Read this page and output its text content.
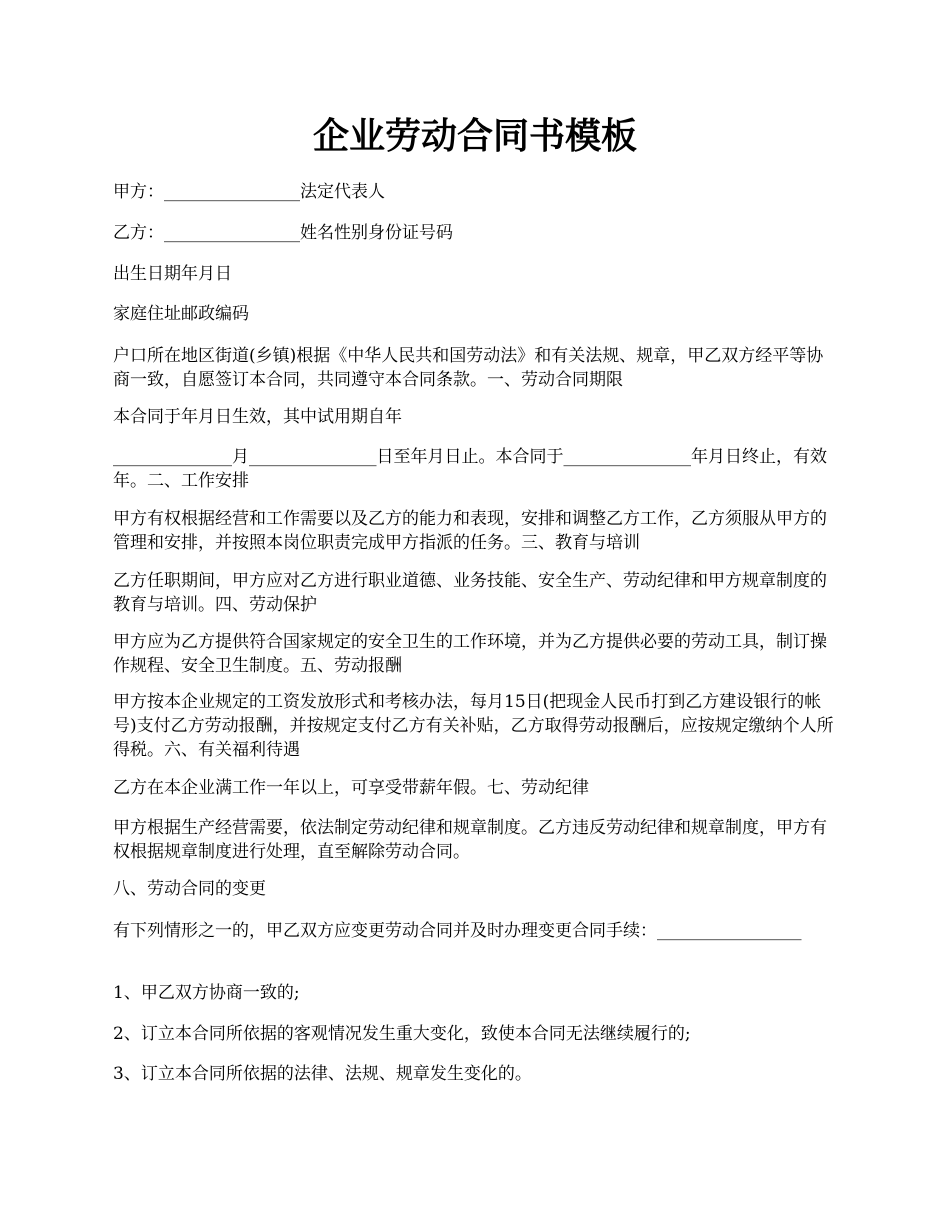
企业劳动合同书模板

甲方：________________法定代表人

乙方：________________姓名性别身份证号码

出生日期年月日

家庭住址邮政编码

户口所在地区街道(乡镇)根据《中华人民共和国劳动法》和有关法规、规章，甲乙双方经平等协商一致，自愿签订本合同，共同遵守本合同条款。一、劳动合同期限

本合同于年月日生效，其中试用期自年

______________月_______________日至年月日止。本合同于_______________年月日终止，有效年。二、工作安排

甲方有权根据经营和工作需要以及乙方的能力和表现，安排和调整乙方工作，乙方须服从甲方的管理和安排，并按照本岗位职责完成甲方指派的任务。三、教育与培训

乙方任职期间，甲方应对乙方进行职业道德、业务技能、安全生产、劳动纪律和甲方规章制度的教育与培训。四、劳动保护

甲方应为乙方提供符合国家规定的安全卫生的工作环境，并为乙方提供必要的劳动工具，制订操作规程、安全卫生制度。五、劳动报酬

甲方按本企业规定的工资发放形式和考核办法，每月15日(把现金人民币打到乙方建设银行的帐号)支付乙方劳动报酬，并按规定支付乙方有关补贴，乙方取得劳动报酬后，应按规定缴纳个人所得税。六、有关福利待遇

乙方在本企业满工作一年以上，可享受带薪年假。七、劳动纪律

甲方根据生产经营需要，依法制定劳动纪律和规章制度。乙方违反劳动纪律和规章制度，甲方有权根据规章制度进行处理，直至解除劳动合同。

八、劳动合同的变更

有下列情形之一的，甲乙双方应变更劳动合同并及时办理变更合同手续：_________________

1、甲乙双方协商一致的;

2、订立本合同所依据的客观情况发生重大变化，致使本合同无法继续履行的;

3、订立本合同所依据的法律、法规、规章发生变化的。
